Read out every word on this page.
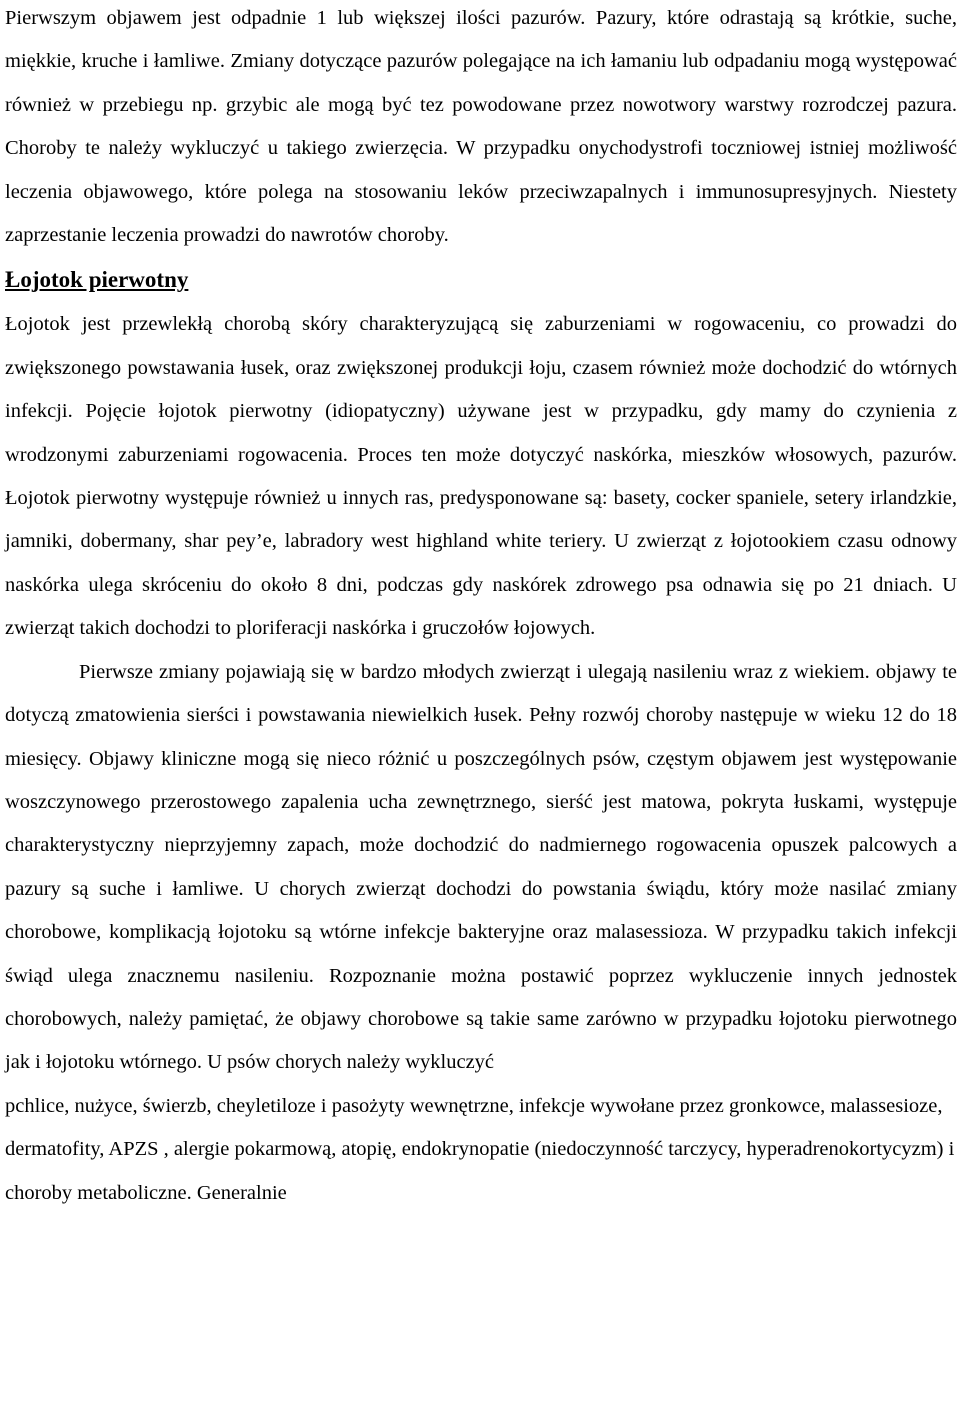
Pierwszym objawem jest odpadnie 1 lub większej ilości pazurów. Pazury, które odrastają są krótkie, suche, miękkie, kruche i łamliwe. Zmiany dotyczące pazurów polegające na ich łamaniu lub odpadaniu mogą występować również w przebiegu np. grzybic ale mogą być tez powodowane przez nowotwory warstwy rozrodczej pazura. Choroby te należy wykluczyć u takiego zwierzęcia. W przypadku onychodystrofi toczniowej istniej możliwość leczenia objawowego, które polega na stosowaniu leków przeciwzapalnych i immunosupresyjnych. Niestety zaprzestanie leczenia prowadzi do nawrotów choroby.

Łojotok pierwotny

Łojotok jest przewlekłą chorobą skóry charakteryzującą się zaburzeniami w rogowaceniu, co prowadzi do zwiększonego powstawania łusek, oraz zwiększonej produkcji łoju, czasem również może dochodzić do wtórnych infekcji. Pojęcie łojotok pierwotny (idiopatyczny) używane jest w przypadku, gdy mamy do czynienia z wrodzonymi zaburzeniami rogowacenia. Proces ten może dotyczyć naskórka, mieszków włosowych, pazurów. Łojotok pierwotny występuje również u innych ras, predysponowane są: basety, cocker spaniele, setery irlandzkie, jamniki, dobermany, shar pey’e, labradory west highland white teriery. U zwierząt z łojotookiem czasu odnowy naskórka ulega skróceniu do około 8 dni, podczas gdy naskórek zdrowego psa odnawia się po 21 dniach. U zwierząt takich dochodzi to ploriferacji naskórka i gruczołów łojowych.

Pierwsze zmiany pojawiają się w bardzo młodych zwierząt i ulegają nasileniu wraz z wiekiem. objawy te dotyczą zmatowienia sierści i powstawania niewielkich łusek. Pełny rozwój choroby następuje w wieku 12 do 18 miesięcy. Objawy kliniczne mogą się nieco różnić u poszczególnych psów, częstym objawem jest występowanie woszczynowego przerostowego zapalenia ucha zewnętrznego, sierść jest matowa, pokryta łuskami, występuje charakterystyczny nieprzyjemny zapach, może dochodzić do nadmiernego rogowacenia opuszek palcowych a pazury są suche i łamliwe. U chorych zwierząt dochodzi do powstania świądu, który może nasilać zmiany chorobowe, komplikacją łojotoku są wtórne infekcje bakteryjne oraz malasessioza. W przypadku takich infekcji świąd ulega znacznemu nasileniu. Rozpoznanie można postawić poprzez wykluczenie innych jednostek chorobowych, należy pamiętać, że objawy chorobowe są takie same zarówno w przypadku łojotoku pierwotnego jak i łojotoku wtórnego. U psów chorych należy wykluczyć

pchlice, nużyce, świerzb, cheyletiloze i pasożyty wewnętrzne, infekcje wywołane przez gronkowce, malassesioze, dermatofity, APZS , alergie pokarmową, atopię, endokrynopatie (niedoczynność tarczycy, hyperadrenokortycyzm) i choroby metaboliczne. Generalnie
